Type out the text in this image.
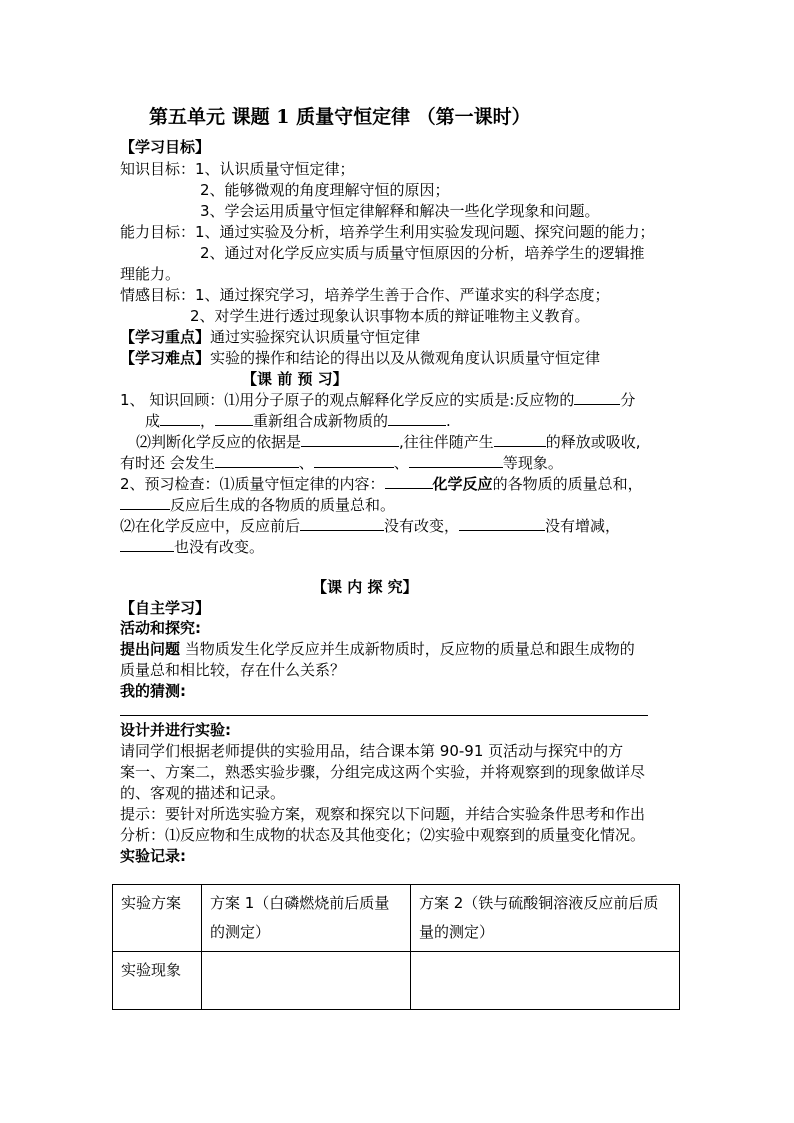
第五单元 课题 1 质量守恒定律 （第一课时）
【学习目标】
知识目标：1、认识质量守恒定律；
2、能够微观的角度理解守恒的原因；
3、学会运用质量守恒定律解释和解决一些化学现象和问题。
能力目标：1、通过实验及分析，培养学生利用实验发现问题、探究问题的能力；
2、通过对化学反应实质与质量守恒原因的分析，培养学生的逻辑推
理能力。
情感目标：1、通过探究学习，培养学生善于合作、严谨求实的科学态度；
2、对学生进行透过现象认识事物本质的辩证唯物主义教育。
【学习重点】通过实验探究认识质量守恒定律
【学习难点】实验的操作和结论的得出以及从微观角度认识质量守恒定律
【课 前 预 习】
1、 知识回顾：⑴用分子原子的观点解释化学反应的实质是:反应物的	分
成	，	重新组合成新物质的	.
⑵判断化学反应的依据是	,往往伴随产生	的释放或吸收,
有时还 会发生	、	、	等现象。
2、预习检查：⑴质量守恒定律的内容：	化学反应的各物质的质量总和，
反应后生成的各物质的质量总和。
⑵在化学反应中，反应前后	没有改变，	没有增减，
也没有改变。
【课 内 探 究】
【自主学习】
活动和探究:
提出问题 当物质发生化学反应并生成新物质时，反应物的质量总和跟生成物的
质量总和相比较，存在什么关系？
我的猜测:
设计并进行实验:
请同学们根据老师提供的实验用品，结合课本第 90-91 页活动与探究中的方
案一、方案二，熟悉实验步骤，分组完成这两个实验，并将观察到的现象做详尽
的、客观的描述和记录。
提示：要针对所选实验方案，观察和探究以下问题，并结合实验条件思考和作出
分析：⑴反应物和生成物的状态及其他变化；⑵实验中观察到的质量变化情况。
实验记录:
实验方案	方案 1（白磷燃烧前后质量的测定）	方案 2（铁与硫酸铜溶液反应前后质量的测定）
实验现象		
